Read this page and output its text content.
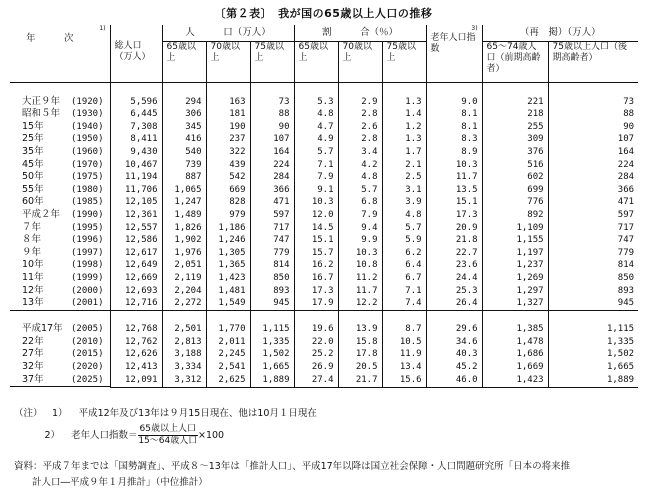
〔第２表〕　我が国の65歳以上人口の推移
1)
年　　　次	総人口（万人）	人　　　口（万人）			割　　　合（％）			3)
老年人口指　数	（再　掲）（万人）	
		65歳以上	70歳以上	75歳以上	65歳以上	70歳以上	75歳以上		65～74歳人口（前期高齢者）	75歳以上人口（後期高齢者）

大正９年 (1920)	5,596	294	163	73	5.3	2.9	1.3	9.0	221	73

昭和５年 (1930)	6,445	306	181	88	4.8	2.8	1.4	8.1	218	88

15年	(1940)	7,308	345	190	90	4.7	2.6	1.2	8.1	255	90

25年	(1950)	8,411	416	237	107	4.9	2.8	1.3	8.3	309	107

35年	(1960)	9,430	540	322	164	5.7	3.4	1.7	8.9	376	164

45年	(1970) 10,467	739	439	224	7.1	4.2	2.1	10.3	516	224

50年	(1975) 11,194	887	542	284	7.9	4.8	2.5	11.7	602	284

55年	(1980) 11,706	1,065	669	366	9.1	5.7	3.1	13.5	699	366

60年	(1985) 12,105	1,247	828	471	10.3	6.8	3.9	15.1	776	471

平成２年 (1990) 12,361	1,489	979	597	12.0	7.9	4.8	17.3	892	597

７年	(1995) 12,557	1,826	1,186	717	14.5	9.4	5.7	20.9	1,109	717

８年	(1996) 12,586	1,902	1,246	747	15.1	9.9	5.9	21.8	1,155	747

９年	(1997) 12,617	1,976	1,305	779	15.7	10.3	6.2	22.7	1,197	779

10年	(1998) 12,649	2,051	1,365	814	16.2	10.8	6.4	23.6	1,237	814

11年	(1999) 12,669	2,119	1,423	850	16.7	11.2	6.7	24.4	1,269	850

12年	(2000) 12,693	2,204	1,481	893	17.3	11.7	7.1	25.3	1,297	893

13年	(2001) 12,716	2,272	1,549	945	17.9	12.2	7.4	26.4	1,327	945

平成17年 (2005) 12,768	2,501	1,770	1,115	19.6	13.9	8.7	29.6	1,385	1,115

22年	(2010) 12,762	2,813	2,011	1,335	22.0	15.8	10.5	34.6	1,478	1,335

27年	(2015) 12,626	3,188	2,245	1,502	25.2	17.8	11.9	40.3	1,686	1,502

32年	(2020) 12,413	3,334	2,541	1,665	26.9	20.5	13.4	45.2	1,669	1,665

37年	(2025) 12,091	3,312	2,625	1,889	27.4	21.7	15.6	46.0	1,423	1,889
（注） 1） 平成12年及び13年は９月15日現在、他は10月１日現在
2） 老年人口指数＝ $\frac{\text{65歳以上人口}}{\text{15～64歳人口}}\times 100$
資料：平成７年までは「国勢調査」、平成８～13年は「推計人口」、平成17年以降は国立社会保障・人口問題研究所「日本の将来推
計人口―平成９年１月推計」（中位推計）
